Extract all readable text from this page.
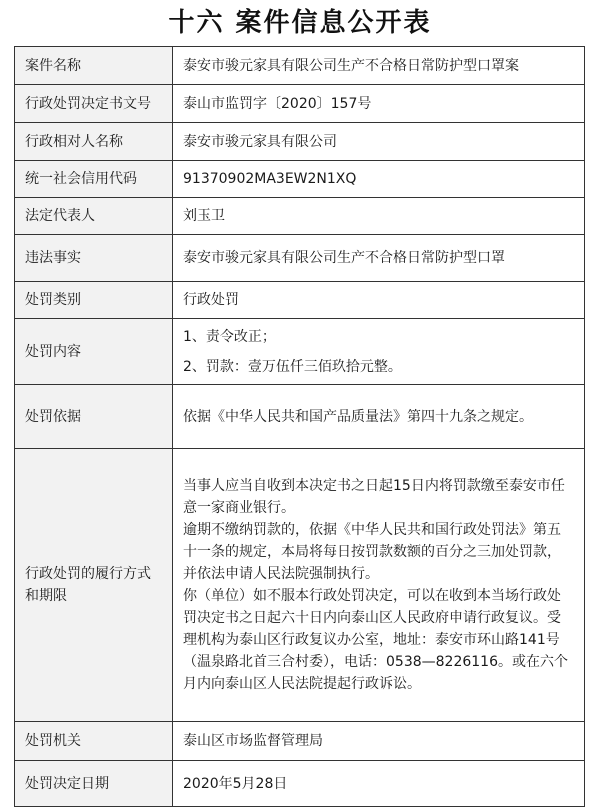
十六 案件信息公开表
案件名称	泰安市骏元家具有限公司生产不合格日常防护型口罩案
行政处罚决定书文号	泰山市监罚字〔2020〕157号
行政相对人名称	泰安市骏元家具有限公司
统一社会信用代码	91370902MA3EW2N1XQ
法定代表人	刘玉卫
违法事实	泰安市骏元家具有限公司生产不合格日常防护型口罩
处罚类别	行政处罚
处罚内容	1、责令改正；

2、罚款：壹万伍仟三佰玖拾元整。

处罚依据	依据《中华人民共和国产品质量法》第四十九条之规定。
行政处罚的履行方式和期限	当事人应当自收到本决定书之日起15日内将罚款缴至泰安市任意一家商业银行。

逾期不缴纳罚款的，依据《中华人民共和国行政处罚法》第五十一条的规定，本局将每日按罚款数额的百分之三加处罚款，并依法申请人民法院强制执行。

你（单位）如不服本行政处罚决定，可以在收到本当场行政处罚决定书之日起六十日内向泰山区人民政府申请行政复议。受理机构为泰山区行政复议办公室，地址：泰安市环山路141号（温泉路北首三合村委），电话：0538—8226116。或在六个月内向泰山区人民法院提起行政诉讼。

处罚机关	泰山区市场监督管理局
处罚决定日期	2020年5月28日
